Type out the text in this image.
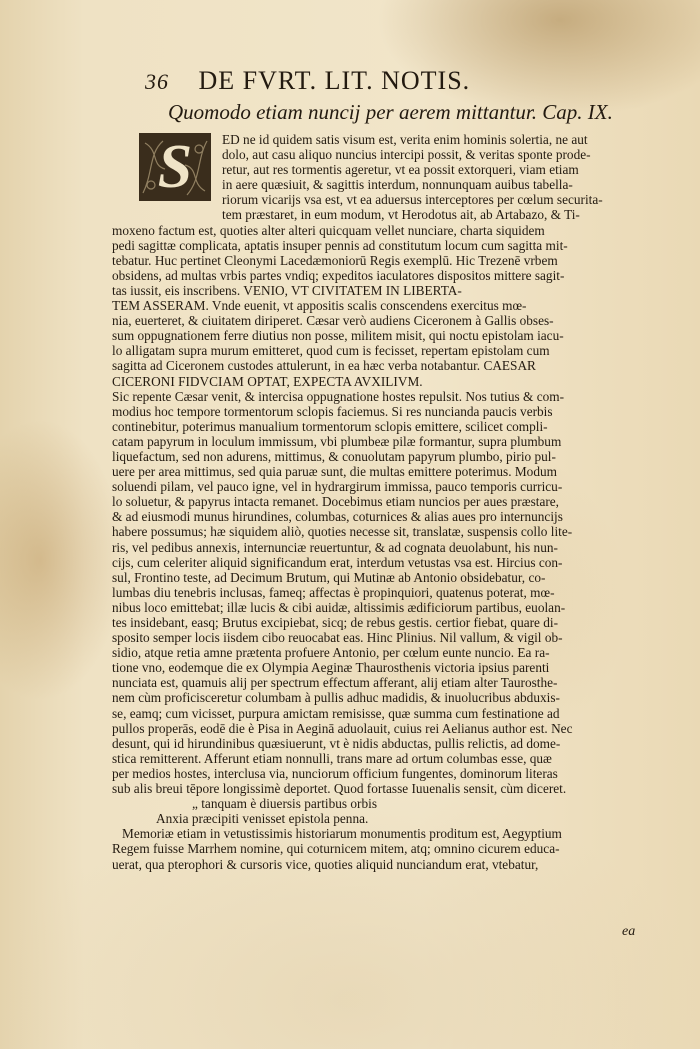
36 DE FVRT. LIT. NOTIS.
Quomodo etiam nuncij per aerem mittantur. Cap. IX.
S	ED ne id quidem satis visum est, verita enim hominis solertia, ne aut
dolo, aut casu aliquo nuncius intercipi possit, & veritas sponte prode-
retur, aut res tormentis ageretur, vt ea possit extorqueri, viam etiam
in aere quæsiuit, & sagittis interdum, nonnunquam auibus tabella-
riorum vicarijs vsa est, vt ea aduersus interceptores per cœlum securita-
tem præstaret, in eum modum, vt Herodotus ait, ab Artabazo, & Ti-
moxeno factum est, quoties alter alteri quicquam vellet nunciare, charta siquidem
pedi sagittæ complicata, aptatis insuper pennis ad constitutum locum cum sagitta mit-
tebatur. Huc pertinet Cleonymi Lacedæmoniorū Regis exemplū. Hic Trezenē vrbem
obsidens, ad multas vrbis partes vndiq; expeditos iaculatores dispositos mittere sagit-
tas iussit, eis inscribens. VENIO, VT CIVITATEM IN LIBERTA-
TEM ASSERAM. Vnde euenit, vt appositis scalis conscendens exercitus mœ-
nia, euerteret, & ciuitatem diriperet. Cæsar verò audiens Ciceronem à Gallis obses-
sum oppugnationem ferre diutius non posse, militem misit, qui noctu epistolam iacu-
lo alligatam supra murum emitteret, quod cum is fecisset, repertam epistolam cum
sagitta ad Ciceronem custodes attulerunt, in ea hæc verba notabantur. CAESAR
CICERONI FIDVCIAM OPTAT, EXPECTA AVXILIVM.
Sic repente Cæsar venit, & intercisa oppugnatione hostes repulsit. Nos tutius & com-
modius hoc tempore tormentorum sclopis faciemus. Si res nuncianda paucis verbis
continebitur, poterimus manualium tormentorum sclopis emittere, scilicet compli-
catam papyrum in loculum immissum, vbi plumbeæ pilæ formantur, supra plumbum
liquefactum, sed non adurens, mittimus, & conuolutam papyrum plumbo, pirio pul-
uere per area mittimus, sed quia paruæ sunt, die multas emittere poterimus. Modum
soluendi pilam, vel pauco igne, vel in hydrargirum immissa, pauco temporis curricu-
lo soluetur, & papyrus intacta remanet. Docebimus etiam nuncios per aues præstare,
& ad eiusmodi munus hirundines, columbas, coturnices & alias aues pro internuncijs
habere possumus; hæ siquidem aliò, quoties necesse sit, translatæ, suspensis collo lite-
ris, vel pedibus annexis, internunciæ reuertuntur, & ad cognata deuolabunt, his nun-
cijs, cum celeriter aliquid significandum erat, interdum vetustas vsa est. Hircius con-
sul, Frontino teste, ad Decimum Brutum, qui Mutinæ ab Antonio obsidebatur, co-
lumbas diu tenebris inclusas, fameq; affectas è propinquiori, quatenus poterat, mœ-
nibus loco emittebat; illæ lucis & cibi auidæ, altissimis ædificiorum partibus, euolan-
tes insidebant, easq; Brutus excipiebat, sicq; de rebus gestis. certior fiebat, quare di-
sposito semper locis iisdem cibo reuocabat eas. Hinc Plinius. Nil vallum, & vigil ob-
sidio, atque retia amne prætenta profuere Antonio, per cœlum eunte nuncio. Ea ra-
tione vno, eodemque die ex Olympia Aeginæ Thaurosthenis victoria ipsius parenti
nunciata est, quamuis alij per spectrum effectum afferant, alij etiam alter Taurosthe-
nem cùm proficisceretur columbam à pullis adhuc madidis, & inuolucribus abduxis-
se, eamq; cum vicisset, purpura amictam remisisse, quæ summa cum festinatione ad
pullos properās, eodē die è Pisa in Aeginā aduolauit, cuius rei Aelianus author est. Nec
desunt, qui id hirundinibus quæsiuerunt, vt è nidis abductas, pullis relictis, ad dome-
stica remitterent. Afferunt etiam nonnulli, trans mare ad ortum columbas esse, quæ
per medios hostes, interclusa via, nunciorum officium fungentes, dominorum literas
sub alis breui tēpore longissimè deportet. Quod fortasse Iuuenalis sensit, cùm diceret.
„ tanquam è diuersis partibus orbis
Anxia præcipiti venisset epistola penna.
Memoriæ etiam in vetustissimis historiarum monumentis proditum est, Aegyptium
Regem fuisse Marrhem nomine, qui coturnicem mitem, atq; omnino cicurem educa-
uerat, qua pterophori & cursoris vice, quoties aliquid nunciandum erat, vtebatur,
ea
